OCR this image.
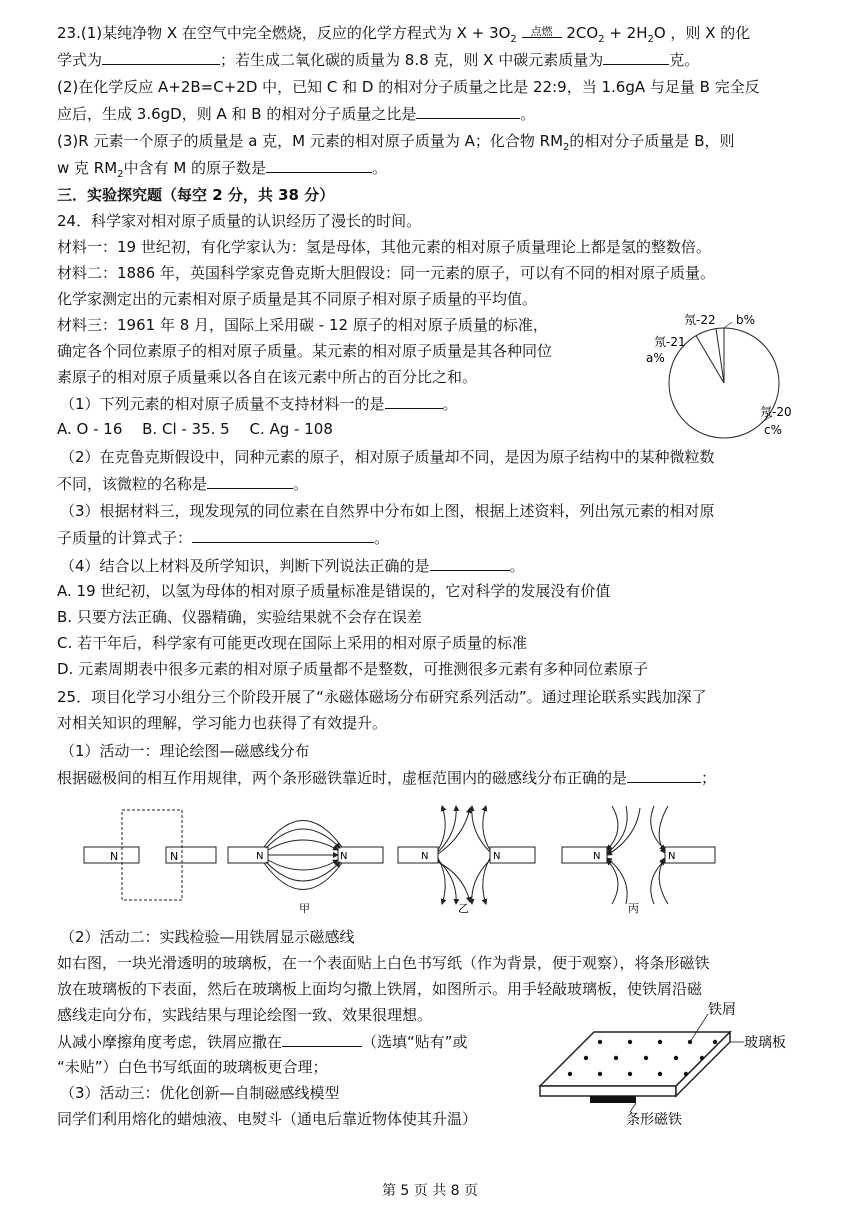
23.(1)某纯净物 X 在空气中完全燃烧，反应的化学方程式为 $X + 3O_2$
点燃 $2CO_2 + 2H_2O$ ，则 X 的化
学式为	；若生成二氧化碳的质量为 8.8 克，则 X 中碳元素质量为	克。
(2)在化学反应 A+2B=C+2D 中，已知 C 和 D 的相对分子质量之比是 22:9，当 1.6gA 与足量 B 完全反
应后，生成 3.6gD，则 A 和 B 的相对分子质量之比是	。
(3)R 元素一个原子的质量是 a 克，M 元素的相对原子质量为 A；化合物 $RM_2$的相对分子质量是 B，则
w 克 $RM_2$中含有 M 的原子数是	。
三．实验探究题（每空 2 分，共 38 分）
24．科学家对相对原子质量的认识经历了漫长的时间。
材料一：19 世纪初，有化学家认为：氢是母体，其他元素的相对原子质量理论上都是氢的整数倍。
材料二：1886 年，英国科学家克鲁克斯大胆假设：同一元素的原子，可以有不同的相对原子质量。
化学家测定出的元素相对原子质量是其不同原子相对原子质量的平均值。
材料三：1961 年 8 月，国际上采用碳 - 12 原子的相对原子质量的标准，
确定各个同位素原子的相对原子质量。某元素的相对原子质量是其各种同位
素原子的相对原子质量乘以各自在该元素中所占的百分比之和。
氖-22 b%
氖-21
a%
氖-20
c%
（1）下列元素的相对原子质量不支持材料一的是	。
A. O - 16　 B. Cl - 35. 5　 C. Ag - 108
（2）在克鲁克斯假设中，同种元素的原子，相对原子质量却不同，是因为原子结构中的某种微粒数
不同，该微粒的名称是	。
（3）根据材料三，现发现氖的同位素在自然界中分布如上图，根据上述资料，列出氖元素的相对原
子质量的计算式子：	。
（4）结合以上材料及所学知识，判断下列说法正确的是	。
A. 19 世纪初，以氢为母体的相对原子质量标准是错误的，它对科学的发展没有价值
B. 只要方法正确、仪器精确，实验结果就不会存在误差
C. 若干年后，科学家有可能更改现在国际上采用的相对原子质量的标准
D. 元素周期表中很多元素的相对原子质量都不是整数，可推测很多元素有多种同位素原子
25．项目化学习小组分三个阶段开展了“永磁体磁场分布研究系列活动”。通过理论联系实践加深了
对相关知识的理解，学习能力也获得了有效提升。
（1）活动一：理论绘图—磁感线分布
根据磁极间的相互作用规律，两个条形磁铁靠近时，虚框范围内的磁感线分布正确的是	；
N	N	N	N
甲
N	N
乙
N	N
丙
（2）活动二：实践检验—用铁屑显示磁感线
如右图，一块光滑透明的玻璃板，在一个表面贴上白色书写纸（作为背景，便于观察），将条形磁铁
放在玻璃板的下表面，然后在玻璃板上面均匀撒上铁屑，如图所示。用手轻敲玻璃板，使铁屑沿磁
感线走向分布，实践结果与理论绘图一致、效果很理想。
从减小摩擦角度考虑，铁屑应撒在	（选填“贴有”或
“未贴”）白色书写纸面的玻璃板更合理；
（3）活动三：优化创新—自制磁感线模型
同学们利用熔化的蜡烛液、电熨斗（通电后靠近物体使其升温）
铁屑
玻璃板
条形磁铁
第 5 页 共 8 页
